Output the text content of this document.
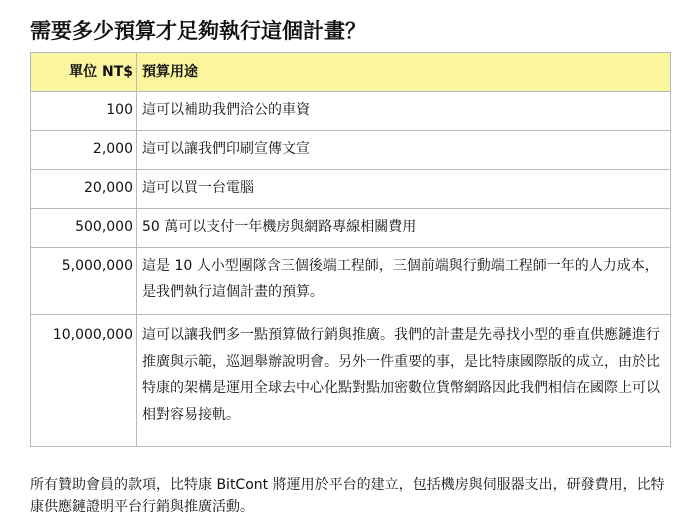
需要多少預算才足夠執行這個計畫？
單位 NT$	預算用途
100	這可以補助我們洽公的車資
2,000	這可以讓我們印刷宣傳文宣
20,000	這可以買一台電腦
500,000	50 萬可以支付一年機房與網路專線相關費用
5,000,000	這是 10 人小型團隊含三個後端工程師，三個前端與行動端工程師一年的人力成本，是我們執行這個計畫的預算。
10,000,000	這可以讓我們多一點預算做行銷與推廣。我們的計畫是先尋找小型的垂直供應鏈進行推廣與示範，巡迴舉辦說明會。另外一件重要的事，是比特康國際版的成立，由於比特康的架構是運用全球去中心化點對點加密數位貨幣網路因此我們相信在國際上可以相對容易接軌。
所有贊助會員的款項，比特康 BitCont 將運用於平台的建立，包括機房與伺服器支出，研發費用，比特康供應鏈證明平台行銷與推廣活動。
